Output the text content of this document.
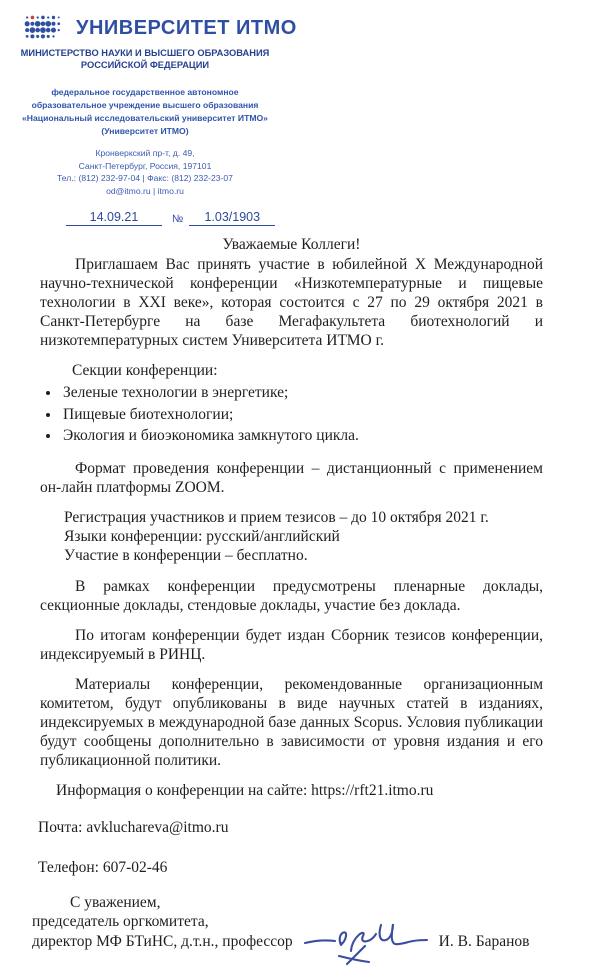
УНИВЕРСИТЕТ ИТМО
МИНИСТЕРСТВО НАУКИ И ВЫСШЕГО ОБРАЗОВАНИЯ РОССИЙСКОЙ ФЕДЕРАЦИИ
федеральное государственное автономное
образовательное учреждение высшего образования
«Национальный исследовательский университет ИТМО»
(Университет ИТМО)
Кронверкский пр-т, д. 49,
Санкт-Петербург, Россия, 197101
Тел.: (812) 232-97-04 | Факс: (812) 232-23-07
od@itmo.ru | itmo.ru
14.09.21	№	1.03/1903

Уважаемые Коллеги!

Приглашаем Вас принять участие в юбилейной X Международной научно-технической конференции «Низкотемпературные и пищевые технологии в XXI веке», которая состоится с 27 по 29 октября 2021 в Санкт-Петербурге на базе Мегафакультета биотехнологий и низкотемпературных систем Университета ИТМО г.

Секции конференции:

• Зеленые технологии в энергетике;
• Пищевые биотехнологии;
• Экология и биоэкономика замкнутого цикла.

Формат проведения конференции – дистанционный с применением он-лайн платформы ZOOM.

Регистрация участников и прием тезисов – до 10 октября 2021 г.

Языки конференции: русский/английский

Участие в конференции – бесплатно.

В рамках конференции предусмотрены пленарные доклады, секционные доклады, стендовые доклады, участие без доклада.

По итогам конференции будет издан Сборник тезисов конференции, индексируемый в РИНЦ.

Материалы конференции, рекомендованные организационным комитетом, будут опубликованы в виде научных статей в изданиях, индексируемых в международной базе данных Scopus. Условия публикации будут сообщены дополнительно в зависимости от уровня издания и его публикационной политики.

Информация о конференции на сайте: https://rft21.itmo.ru

Почта: avkluchareva@itmo.ru

Телефон: 607-02-46

С уважением,

председатель оргкомитета,

директор МФ БТиНС, д.т.н., профессор	И. В. Баранов
